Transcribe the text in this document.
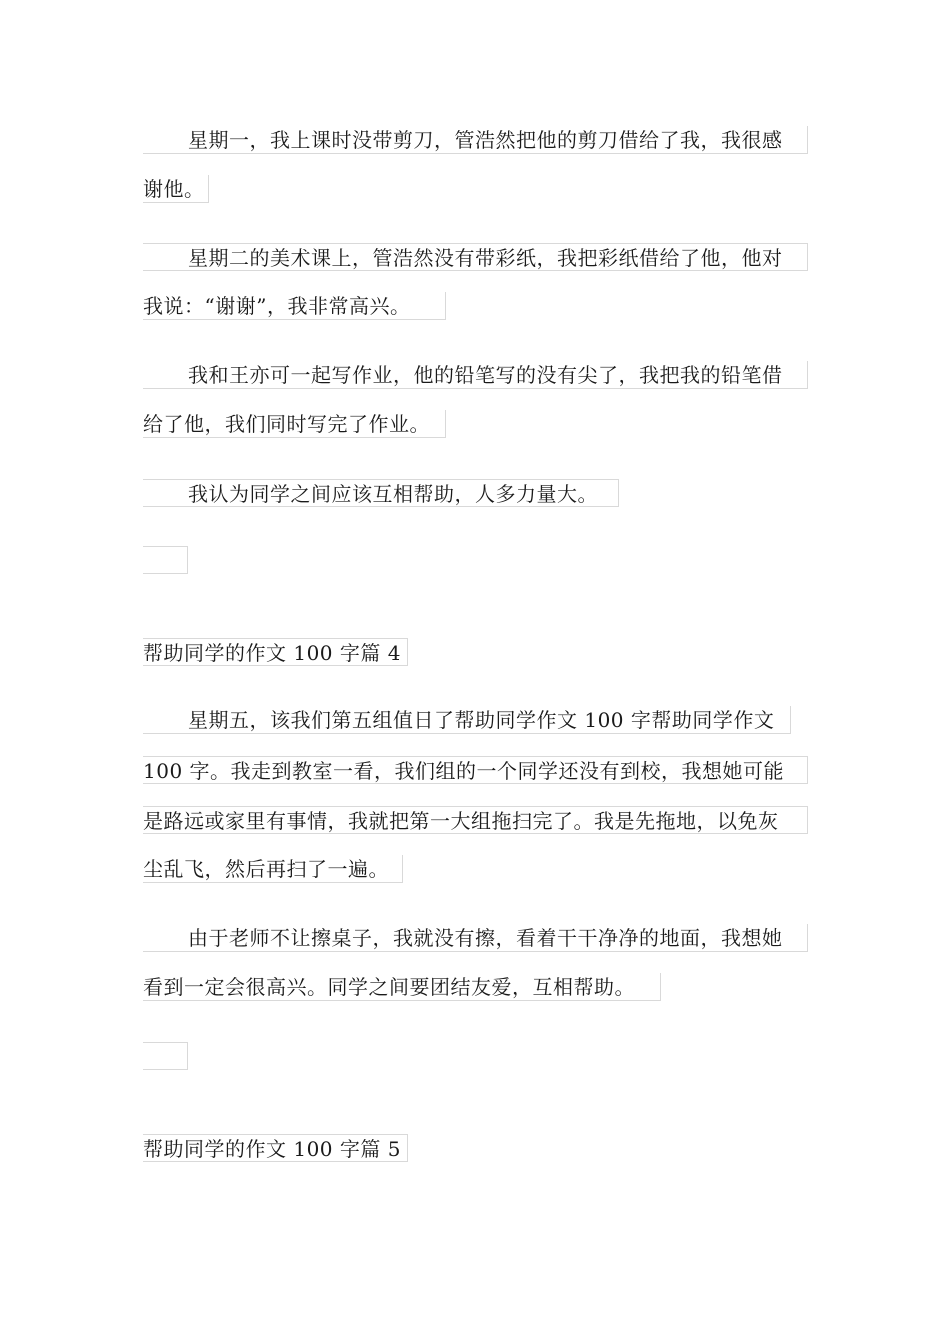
星期一，我上课时没带剪刀，管浩然把他的剪刀借给了我，我很感
谢他。
星期二的美术课上，管浩然没有带彩纸，我把彩纸借给了他，他对
我说：“谢谢”，我非常高兴。
我和王亦可一起写作业，他的铅笔写的没有尖了，我把我的铅笔借
给了他，我们同时写完了作业。
我认为同学之间应该互相帮助，人多力量大。
帮助同学的作文 100 字篇 4
星期五，该我们第五组值日了帮助同学作文 100 字帮助同学作文
100 字。我走到教室一看，我们组的一个同学还没有到校，我想她可能
是路远或家里有事情，我就把第一大组拖扫完了。我是先拖地，以免灰
尘乱飞，然后再扫了一遍。
由于老师不让擦桌子，我就没有擦，看着干干净净的地面，我想她
看到一定会很高兴。同学之间要团结友爱，互相帮助。
帮助同学的作文 100 字篇 5
